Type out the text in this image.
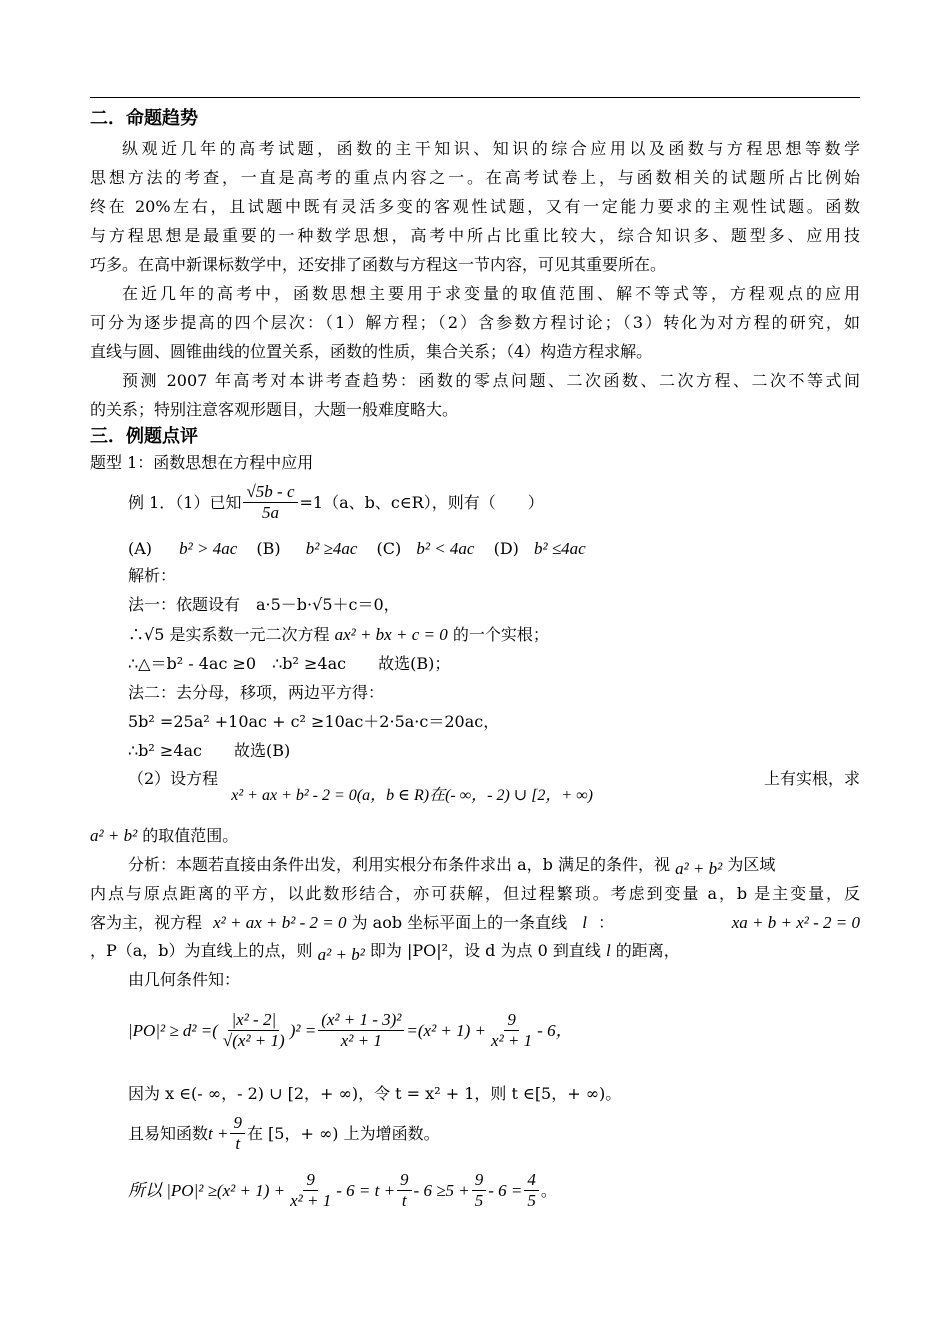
二．命题趋势
纵观近几年的高考试题，函数的主干知识、知识的综合应用以及函数与方程思想等数学
思想方法的考查，一直是高考的重点内容之一。在高考试卷上，与函数相关的试题所占比例始
终在 20%左右，且试题中既有灵活多变的客观性试题，又有一定能力要求的主观性试题。函数
与方程思想是最重要的一种数学思想，高考中所占比重比较大，综合知识多、题型多、应用技
巧多。在高中新课标数学中，还安排了函数与方程这一节内容，可见其重要所在。
在近几年的高考中，函数思想主要用于求变量的取值范围、解不等式等，方程观点的应用
可分为逐步提高的四个层次：（1）解方程；（2）含参数方程讨论；（3）转化为对方程的研究，如
直线与圆、圆锥曲线的位置关系，函数的性质，集合关系；（4）构造方程求解。
预测 2007 年高考对本讲考查趋势：函数的零点问题、二次函数、二次方程、二次不等式间
的关系；特别注意客观形题目，大题一般难度略大。
三．例题点评
题型 1：函数思想在方程中应用
例 1．（1）已知 $\frac{√5b - c}{5a} =1(a$、b、c∈R），则有（　　）
(A) b² > 4ac (B) b² ≥4ac (C) b² < 4ac (D) b² ≤4ac
解析：
法一：依题设有　a·5－b·√5＋c＝0，
∴√5 是实系数一元二次方程 ax² + bx + c = 0 的一个实根；
∴△＝b² - 4ac ≥0　∴b² ≥4ac　　故选(B)；
法二：去分母，移项，两边平方得：
5b² =25a² +10ac + c² ≥10ac＋2·5a·c＝20ac，
∴b² ≥4ac　　故选(B)
（2）设方程 x² + ax + b² - 2 = 0(a，b ∈ R)在(- ∞，- 2) ∪ [2，+ ∞)
上有实根，求
a² + b² 的取值范围。
分析：本题若直接由条件出发，利用实根分布条件求出 a，b 满足的条件，视 a² + b² 为区域
内点与原点距离的平方，以此数形结合，亦可获解，但过程繁琐。考虑到变量 a，b 是主变量，反
客为主，视方程 x² + ax + b² - 2 = 0 为 aob 坐标平面上的一条直线 l ：	xa + b + x² - 2 = 0
，P（a，b）为直线上的点，则 a² + b² 即为 |PO|²，设 d 为点 0 到直线 l 的距离，
由几何条件知：
|PO|² ≥ d² =( $\frac{\text{|x² - 2|}}{\text{√(x² + 1)}} )^2 = \frac{\text{(x² + 1 - 3)²}}{\text{x² + 1}} =(x^2 + 1) + \frac{9}{\text{x² + 1}} - 6$，
因为 x ∈(- ∞，- 2) ∪ [2，+ ∞)，令 t = x² + 1，则 t ∈[5，+ ∞)。
且易知函数 $t + \frac{9}{t}$ 在 [5，+ ∞) 上为增函数。
所以 $|PO|^2 \ge(x^2 + 1) + \frac{9}{\text{x² + 1}} - 6 = t + \frac{9}{t} - 6 \ge 5 + \frac{9}{5} - 6 = \frac{4}{5}$ 。
